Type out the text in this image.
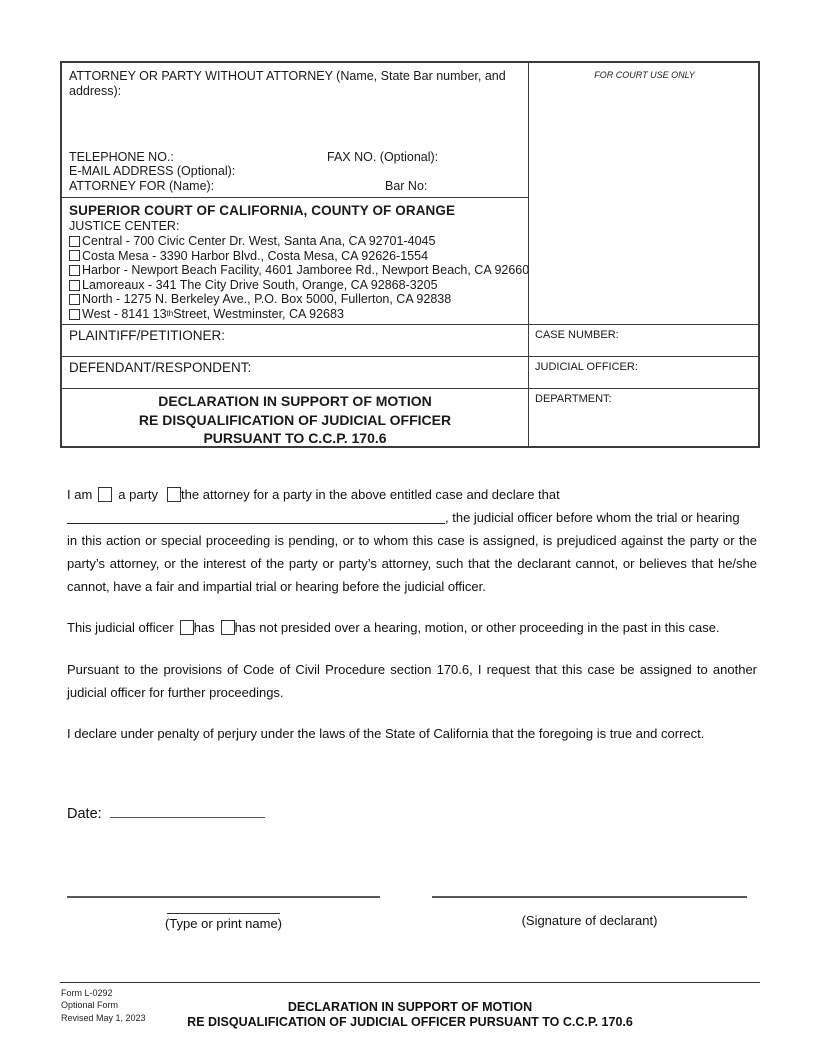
ATTORNEY OR PARTY WITHOUT ATTORNEY (Name, State Bar number, and address):
TELEPHONE NO.:	FAX NO. (Optional):
E-MAIL ADDRESS (Optional):
ATTORNEY FOR (Name):	Bar No:
FOR COURT USE ONLY
SUPERIOR COURT OF CALIFORNIA, COUNTY OF ORANGE
JUSTICE CENTER:
Central - 700 Civic Center Dr. West, Santa Ana, CA 92701-4045
Costa Mesa - 3390 Harbor Blvd., Costa Mesa, CA 92626-1554
Harbor - Newport Beach Facility, 4601 Jamboree Rd., Newport Beach, CA 92660
Lamoreaux - 341 The City Drive South, Orange, CA 92868-3205
North - 1275 N. Berkeley Ave., P.O. Box 5000, Fullerton, CA 92838
West - 8141 13 th Street, Westminster, CA 92683
PLAINTIFF/PETITIONER:	CASE NUMBER:
DEFENDANT/RESPONDENT:	JUDICIAL OFFICER:
DECLARATION IN SUPPORT OF MOTION
RE DISQUALIFICATION OF JUDICIAL OFFICER
PURSUANT TO C.C.P. 170.6
DEPARTMENT:
I am a party the attorney for a party in the above entitled case and declare that
, the judicial officer before whom the trial or hearing
in this action or special proceeding is pending, or to whom this case is assigned, is prejudiced against the party or the party’s attorney, or the interest of the party or party’s attorney, such that the declarant cannot, or believes that he/she cannot, have a fair and impartial trial or hearing before the judicial officer.
This judicial officer has has not presided over a hearing, motion, or other proceeding in the past in this case.
Pursuant to the provisions of Code of Civil Procedure section 170.6, I request that this case be assigned to another judicial officer for further proceedings.
I declare under penalty of perjury under the laws of the State of California that the foregoing is true and correct.
Date:
(Type or print name)	(Signature of declarant)
Form L-0292
Optional Form
Revised May 1, 2023
DECLARATION IN SUPPORT OF MOTION
RE DISQUALIFICATION OF JUDICIAL OFFICER PURSUANT TO C.C.P. 170.6
